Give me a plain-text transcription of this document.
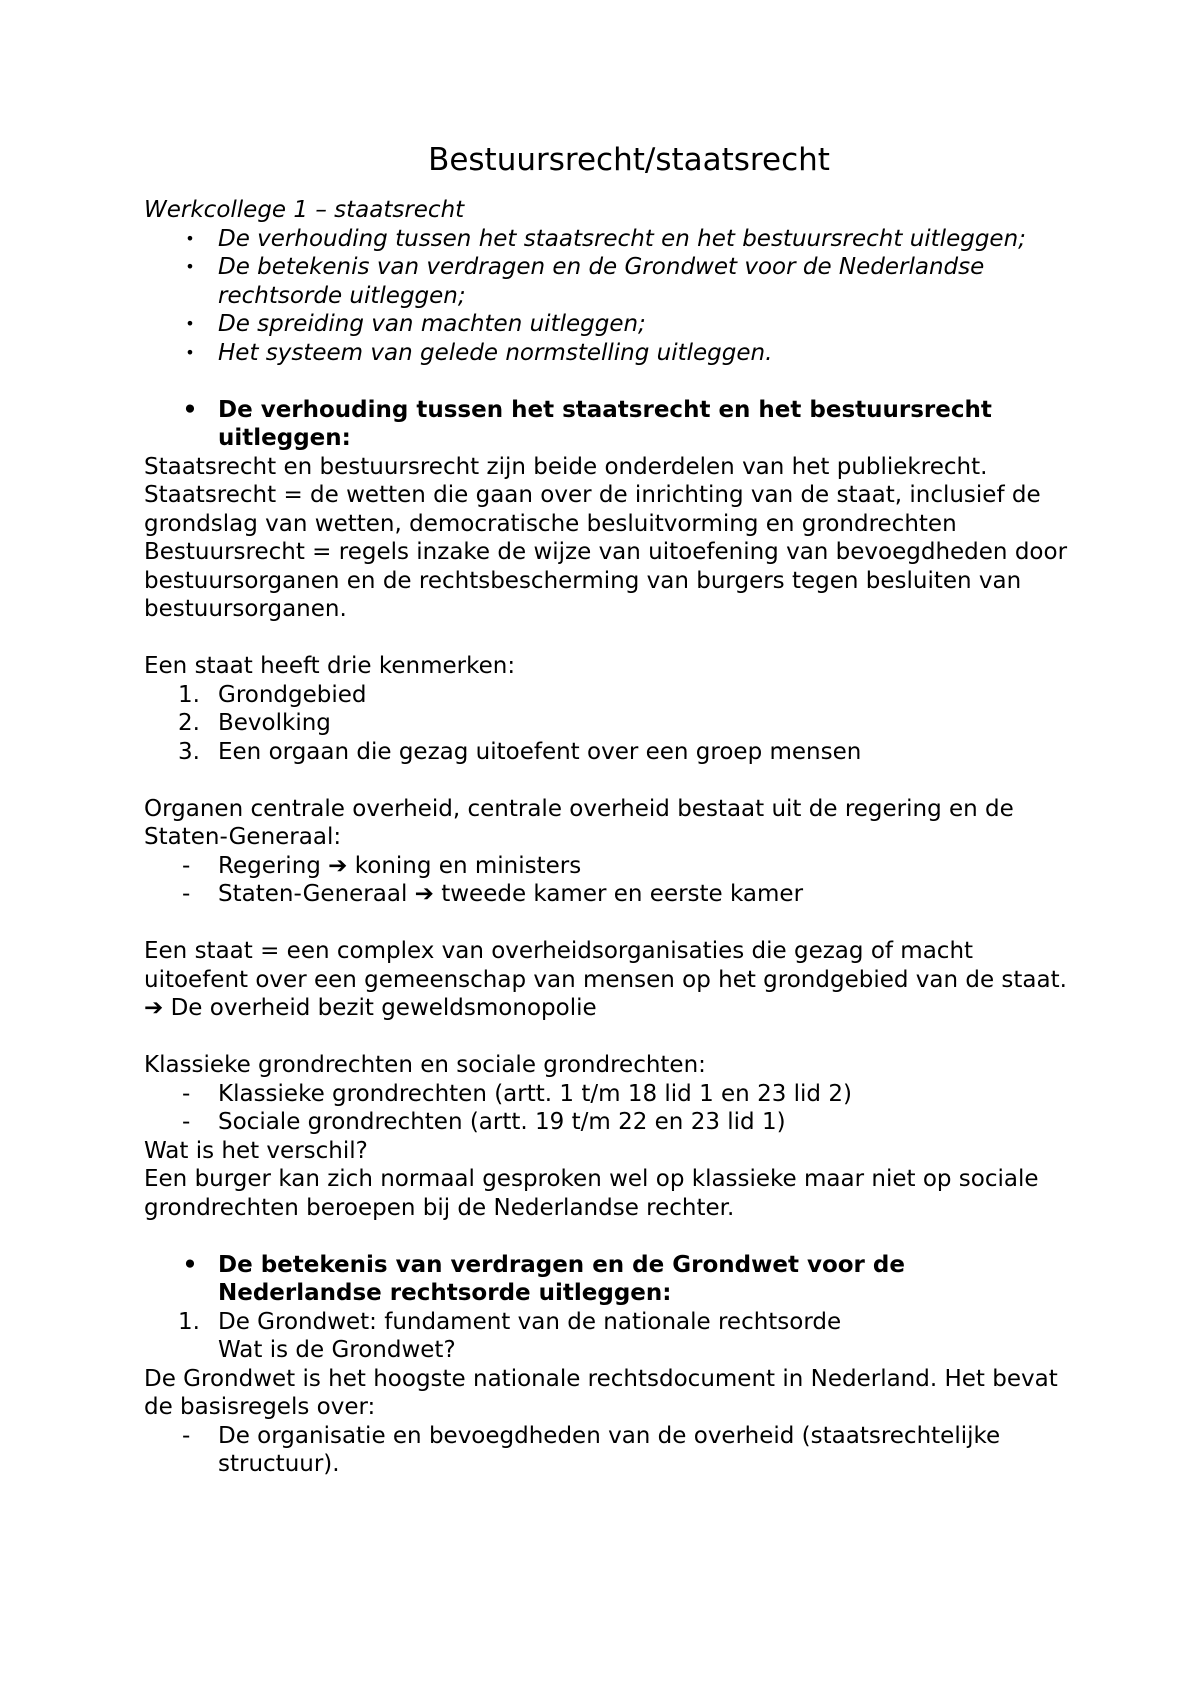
Bestuursrecht/staatsrecht

Werkcollege 1 – staatsrecht

• De verhouding tussen het staatsrecht en het bestuursrecht uitleggen;
• De betekenis van verdragen en de Grondwet voor de Nederlandse rechtsorde uitleggen;
• De spreiding van machten uitleggen;
• Het systeem van gelede normstelling uitleggen.
• De verhouding tussen het staatsrecht en het bestuursrecht uitleggen:

Staatsrecht en bestuursrecht zijn beide onderdelen van het publiekrecht.

Staatsrecht = de wetten die gaan over de inrichting van de staat, inclusief de grondslag van wetten, democratische besluitvorming en grondrechten

Bestuursrecht = regels inzake de wijze van uitoefening van bevoegdheden door bestuursorganen en de rechtsbescherming van burgers tegen besluiten van bestuursorganen.

Een staat heeft drie kenmerken:

1. Grondgebied
2. Bevolking
3. Een orgaan die gezag uitoefent over een groep mensen

Organen centrale overheid, centrale overheid bestaat uit de regering en de Staten-Generaal:

-	Regering ➔ koning en ministers
-	Staten-Generaal ➔ tweede kamer en eerste kamer

Een staat = een complex van overheidsorganisaties die gezag of macht uitoefent over een gemeenschap van mensen op het grondgebied van de staat. ➔ De overheid bezit geweldsmonopolie

Klassieke grondrechten en sociale grondrechten:

-	Klassieke grondrechten (artt. 1 t/m 18 lid 1 en 23 lid 2)
-	Sociale grondrechten (artt. 19 t/m 22 en 23 lid 1)

Wat is het verschil?

Een burger kan zich normaal gesproken wel op klassieke maar niet op sociale grondrechten beroepen bij de Nederlandse rechter.

• De betekenis van verdragen en de Grondwet voor de Nederlandse rechtsorde uitleggen:
1. De Grondwet: fundament van de nationale rechtsorde
Wat is de Grondwet?

De Grondwet is het hoogste nationale rechtsdocument in Nederland. Het bevat de basisregels over:

-	De organisatie en bevoegdheden van de overheid (staatsrechtelijke structuur).
